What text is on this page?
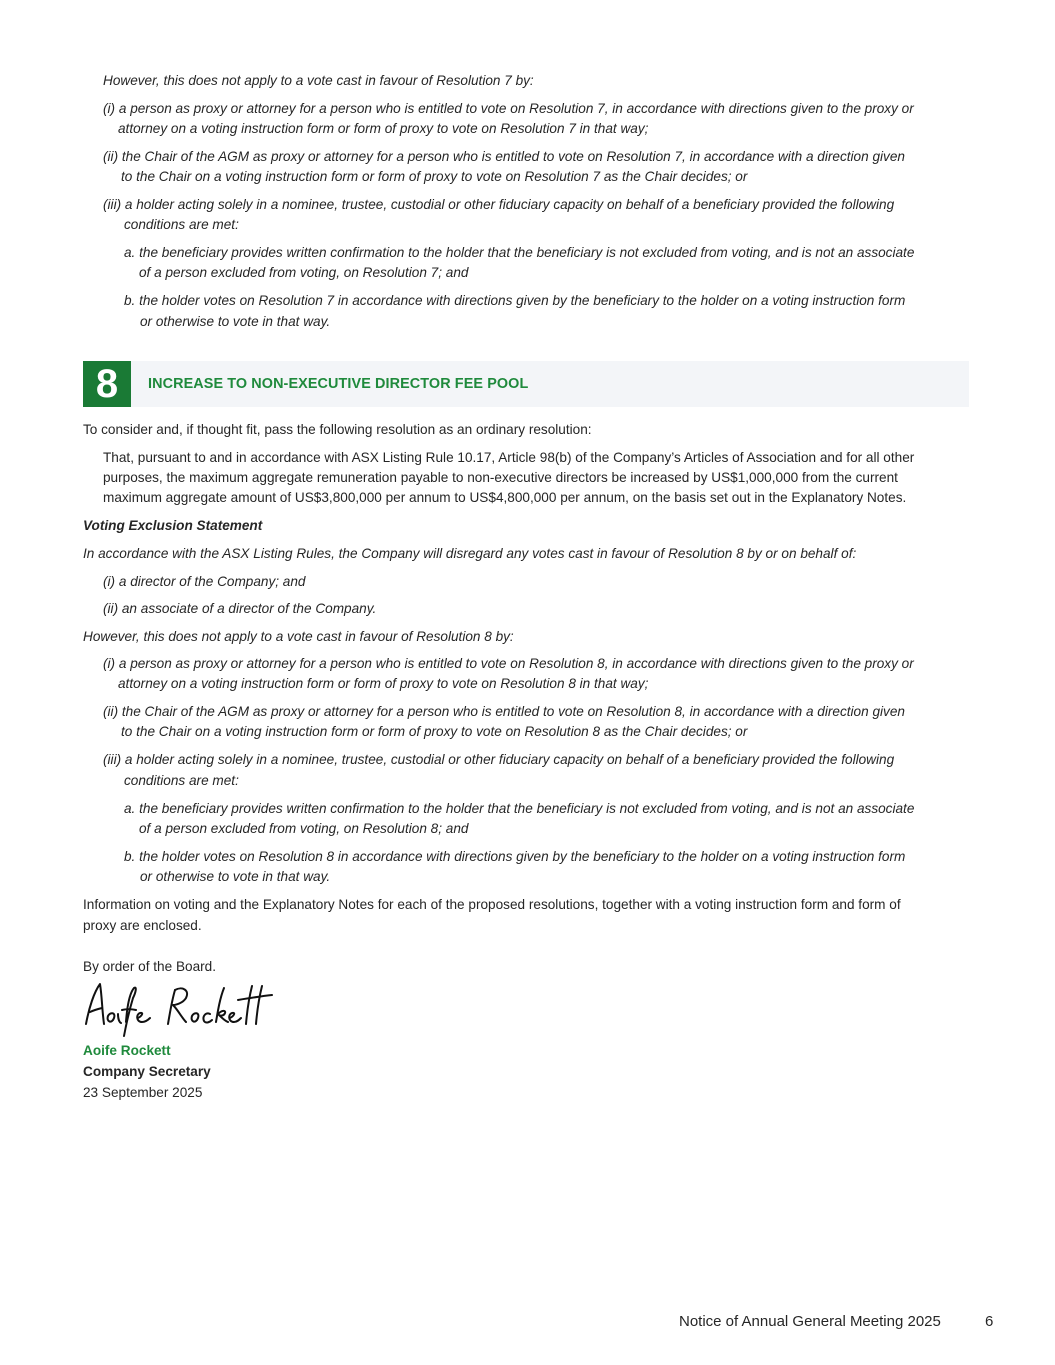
However, this does not apply to a vote cast in favour of Resolution 7 by:
(i) a person as proxy or attorney for a person who is entitled to vote on Resolution 7, in accordance with directions given to the proxy or
attorney on a voting instruction form or form of proxy to vote on Resolution 7 in that way;
(ii) the Chair of the AGM as proxy or attorney for a person who is entitled to vote on Resolution 7, in accordance with a direction given
to the Chair on a voting instruction form or form of proxy to vote on Resolution 7 as the Chair decides; or
(iii) a holder acting solely in a nominee, trustee, custodial or other fiduciary capacity on behalf of a beneficiary provided the following
conditions are met:
a. the beneficiary provides written confirmation to the holder that the beneficiary is not excluded from voting, and is not an associate
of a person excluded from voting, on Resolution 7; and
b. the holder votes on Resolution 7 in accordance with directions given by the beneficiary to the holder on a voting instruction form
or otherwise to vote in that way.
8	INCREASE TO NON-EXECUTIVE DIRECTOR FEE POOL
To consider and, if thought fit, pass the following resolution as an ordinary resolution:
That, pursuant to and in accordance with ASX Listing Rule 10.17, Article 98(b) of the Company’s Articles of Association and for all other
purposes, the maximum aggregate remuneration payable to non-executive directors be increased by US$1,000,000 from the current
maximum aggregate amount of US$3,800,000 per annum to US$4,800,000 per annum, on the basis set out in the Explanatory Notes.
Voting Exclusion Statement
In accordance with the ASX Listing Rules, the Company will disregard any votes cast in favour of Resolution 8 by or on behalf of:
(i) a director of the Company; and
(ii) an associate of a director of the Company.
However, this does not apply to a vote cast in favour of Resolution 8 by:
(i) a person as proxy or attorney for a person who is entitled to vote on Resolution 8, in accordance with directions given to the proxy or
attorney on a voting instruction form or form of proxy to vote on Resolution 8 in that way;
(ii) the Chair of the AGM as proxy or attorney for a person who is entitled to vote on Resolution 8, in accordance with a direction given
to the Chair on a voting instruction form or form of proxy to vote on Resolution 8 as the Chair decides; or
(iii) a holder acting solely in a nominee, trustee, custodial or other fiduciary capacity on behalf of a beneficiary provided the following
conditions are met:
a. the beneficiary provides written confirmation to the holder that the beneficiary is not excluded from voting, and is not an associate
of a person excluded from voting, on Resolution 8; and
b. the holder votes on Resolution 8 in accordance with directions given by the beneficiary to the holder on a voting instruction form
or otherwise to vote in that way.
Information on voting and the Explanatory Notes for each of the proposed resolutions, together with a voting instruction form and form of
proxy are enclosed.
By order of the Board.
Aoife Rockett
Company Secretary
23 September 2025
Notice of Annual General Meeting 2025	6
